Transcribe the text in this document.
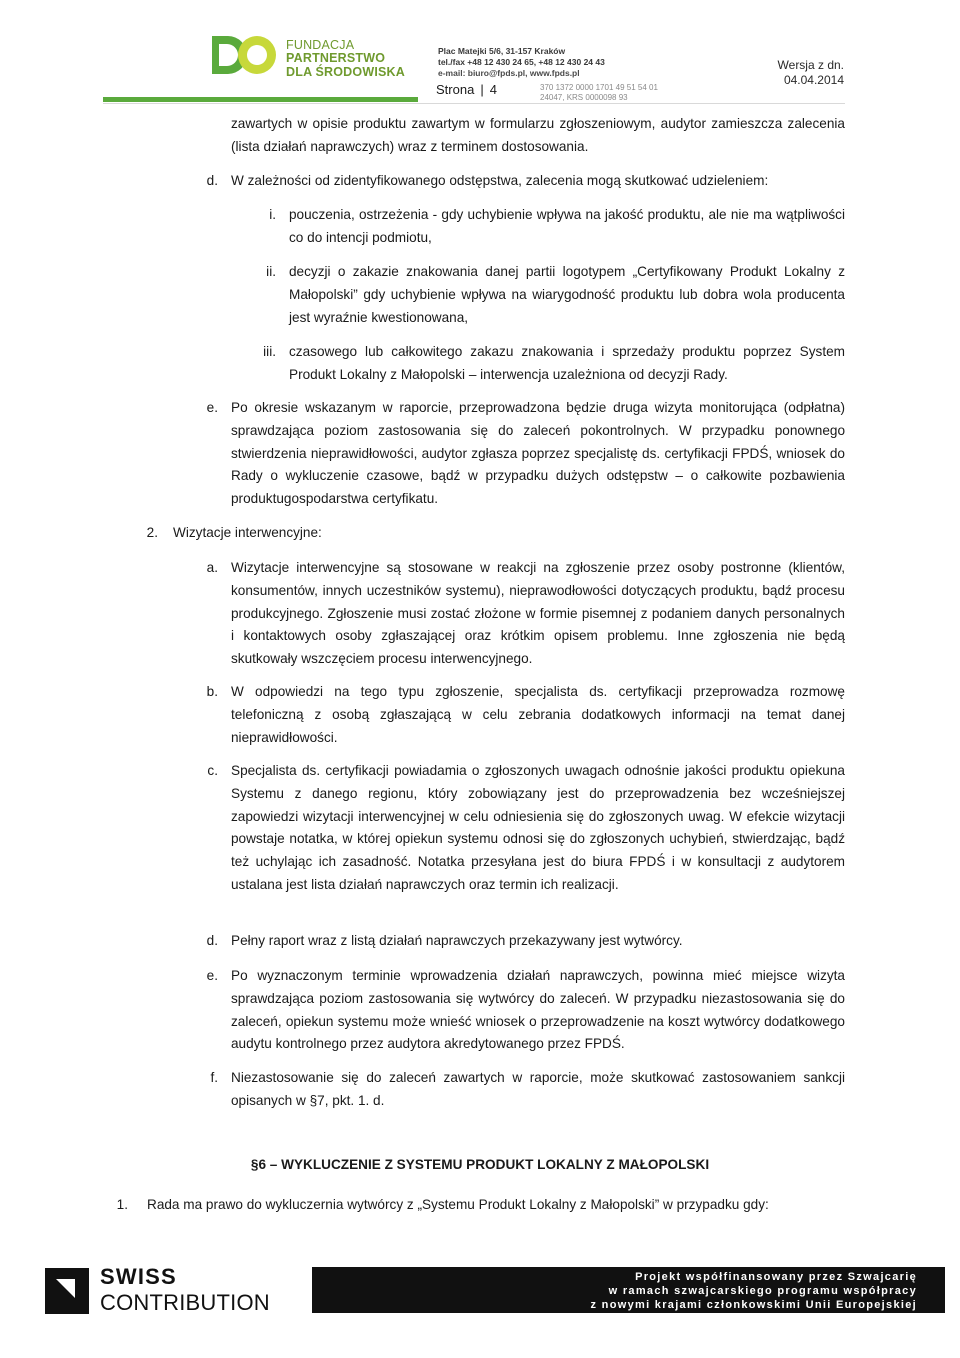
FUNDACJA
PARTNERSTWO
DLA ŚRODOWISKA
Plac Matejki 5/6, 31-157 Kraków
tel./fax +48 12 430 24 65, +48 12 430 24 43
e-mail: biuro@fpds.pl, www.fpds.pl
370 1372 0000 1701 49 51 54 01
24047, KRS 0000098 93
Strona | 4
Wersja z dn.
04.04.2014
zawartych w opisie produktu zawartym w formularzu zgłoszeniowym, audytor zamieszcza zalecenia (lista działań naprawczych) wraz z terminem dostosowania.
d. W zależności od zidentyfikowanego odstępstwa, zalecenia mogą skutkować udzieleniem:
i. pouczenia, ostrzeżenia - gdy uchybienie wpływa na jakość produktu, ale nie ma wątpliwości co do intencji podmiotu,
ii. decyzji o zakazie znakowania danej partii logotypem „Certyfikowany Produkt Lokalny z Małopolski” gdy uchybienie wpływa na wiarygodność produktu lub dobra wola producenta jest wyraźnie kwestionowana,
iii. czasowego lub całkowitego zakazu znakowania i sprzedaży produktu poprzez System Produkt Lokalny z Małopolski – interwencja uzależniona od decyzji Rady.
e. Po okresie wskazanym w raporcie, przeprowadzona będzie druga wizyta monitorująca (odpłatna) sprawdzająca poziom zastosowania się do zaleceń pokontrolnych. W przypadku ponownego stwierdzenia nieprawidłowości, audytor zgłasza poprzez specjalistę ds. certyfikacji FPDŚ, wniosek do Rady o wykluczenie czasowe, bądź w przypadku dużych odstępstw – o całkowite pozbawienia produktugospodarstwa certyfikatu.
2. Wizytacje interwencyjne:
a. Wizytacje interwencyjne są stosowane w reakcji na zgłoszenie przez osoby postronne (klientów, konsumentów, innych uczestników systemu), nieprawodłowości dotyczących produktu, bądź procesu produkcyjnego. Zgłoszenie musi zostać złożone w formie pisemnej z podaniem danych personalnych i kontaktowych osoby zgłaszającej oraz krótkim opisem problemu. Inne zgłoszenia nie będą skutkowały wszczęciem procesu interwencyjnego.
b. W odpowiedzi na tego typu zgłoszenie, specjalista ds. certyfikacji przeprowadza rozmowę telefoniczną z osobą zgłaszającą w celu zebrania dodatkowych informacji na temat danej nieprawidłowości.
c. Specjalista ds. certyfikacji powiadamia o zgłoszonych uwagach odnośnie jakości produktu opiekuna Systemu z danego regionu, który zobowiązany jest do przeprowadzenia bez wcześniejszej zapowiedzi wizytacji interwencyjnej w celu odniesienia się do zgłoszonych uwag. W efekcie wizytacji powstaje notatka, w której opiekun systemu odnosi się do zgłoszonych uchybień, stwierdzając, bądź też uchylając ich zasadność. Notatka przesyłana jest do biura FPDŚ i w konsultacji z audytorem ustalana jest lista działań naprawczych oraz termin ich realizacji.
d. Pełny raport wraz z listą działań naprawczych przekazywany jest wytwórcy.
e. Po wyznaczonym terminie wprowadzenia działań naprawczych, powinna mieć miejsce wizyta sprawdzająca poziom zastosowania się wytwórcy do zaleceń. W przypadku niezastosowania się do zaleceń, opiekun systemu może wnieść wniosek o przeprowadzenie na koszt wytwórcy dodatkowego audytu kontrolnego przez audytora akredytowanego przez FPDŚ.
f. Niezastosowanie się do zaleceń zawartych w raporcie, może skutkować zastosowaniem sankcji opisanych w §7, pkt. 1. d.
§6 – WYKLUCZENIE Z SYSTEMU PRODUKT LOKALNY Z MAŁOPOLSKI
1. Rada ma prawo do wykluczernia wytwórcy z „Systemu Produkt Lokalny z Małopolski” w przypadku gdy:
SWISS
CONTRIBUTION
Projekt współfinansowany przez Szwajcarię
w ramach szwajcarskiego programu współpracy
z nowymi krajami członkowskimi Unii Europejskiej
